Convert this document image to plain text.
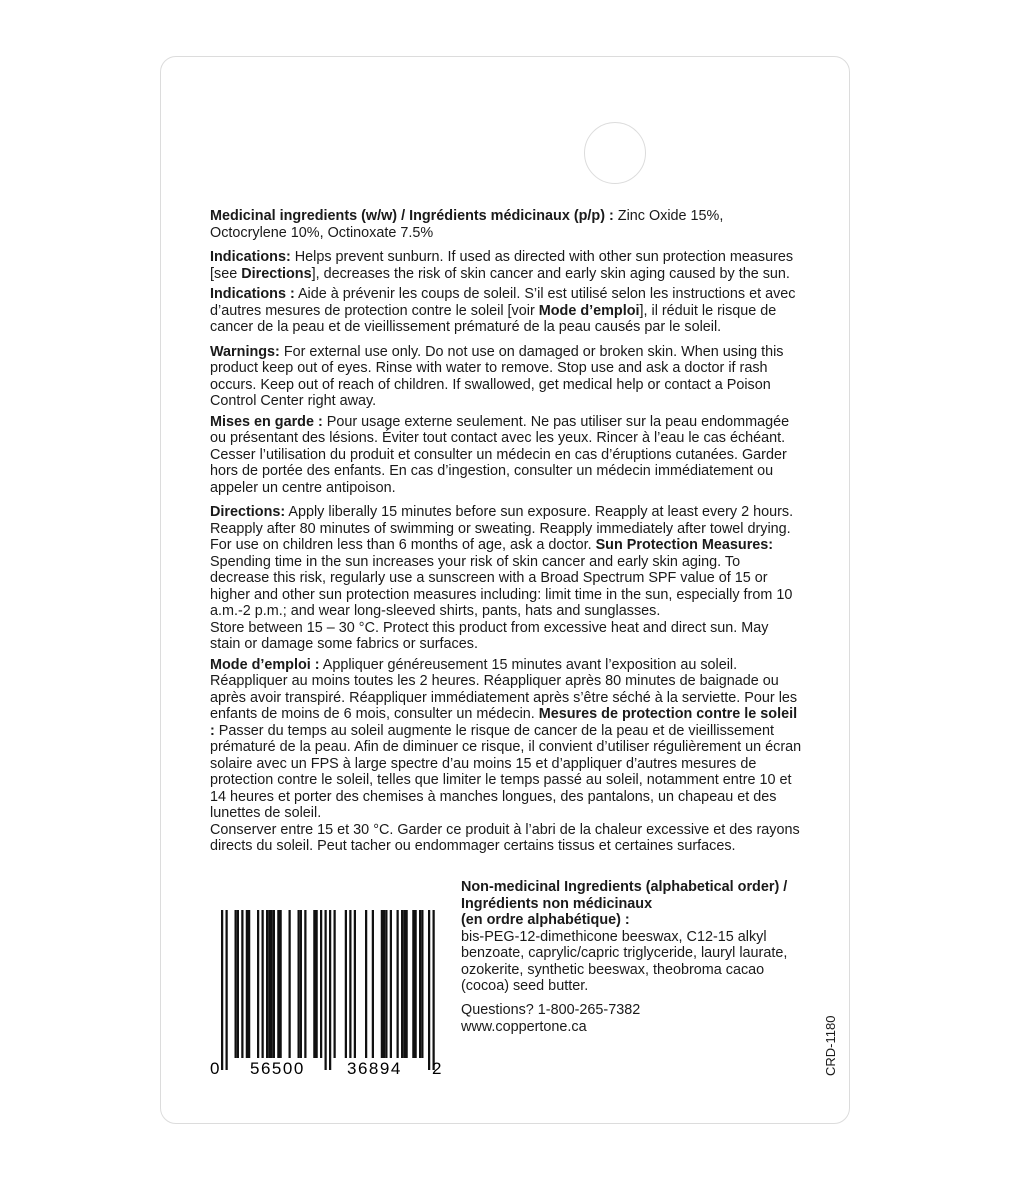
Medicinal ingredients (w/w) / Ingrédients médicinaux (p/p) : Zinc Oxide 15%, Octocrylene 10%, Octinoxate 7.5%

Indications: Helps prevent sunburn. If used as directed with other sun protection measures [see Directions], decreases the risk of skin cancer and early skin aging caused by the sun.

Indications : Aide à prévenir les coups de soleil. S’il est utilisé selon les instructions et avec d’autres mesures de protection contre le soleil [voir Mode d’emploi], il réduit le risque de cancer de la peau et de vieillissement prématuré de la peau causés par le soleil.

Warnings: For external use only. Do not use on damaged or broken skin. When using this product keep out of eyes. Rinse with water to remove. Stop use and ask a doctor if rash occurs. Keep out of reach of children. If swallowed, get medical help or contact a Poison Control Center right away.

Mises en garde : Pour usage externe seulement. Ne pas utiliser sur la peau endommagée ou présentant des lésions. Éviter tout contact avec les yeux. Rincer à l’eau le cas échéant. Cesser l’utilisation du produit et consulter un médecin en cas d’éruptions cutanées. Garder hors de portée des enfants. En cas d’ingestion, consulter un médecin immédiatement ou appeler un centre antipoison.

Directions: Apply liberally 15 minutes before sun exposure. Reapply at least every 2 hours. Reapply after 80 minutes of swimming or sweating. Reapply immediately after towel drying. For use on children less than 6 months of age, ask a doctor. Sun Protection Measures: Spending time in the sun increases your risk of skin cancer and early skin aging. To decrease this risk, regularly use a sunscreen with a Broad Spectrum SPF value of 15 or higher and other sun protection measures including: limit time in the sun, especially from 10 a.m.-2 p.m.; and wear long-sleeved shirts, pants, hats and sunglasses.
Store between 15 – 30 °C. Protect this product from excessive heat and direct sun. May stain or damage some fabrics or surfaces.

Mode d’emploi : Appliquer généreusement 15 minutes avant l’exposition au soleil. Réappliquer au moins toutes les 2 heures. Réappliquer après 80 minutes de baignade ou après avoir transpiré. Réappliquer immédiatement après s’être séché à la serviette. Pour les enfants de moins de 6 mois, consulter un médecin. Mesures de protection contre le soleil : Passer du temps au soleil augmente le risque de cancer de la peau et de vieillissement prématuré de la peau. Afin de diminuer ce risque, il convient d’utiliser régulièrement un écran solaire avec un FPS à large spectre d’au moins 15 et d’appliquer d’autres mesures de protection contre le soleil, telles que limiter le temps passé au soleil, notamment entre 10 et 14 heures et porter des chemises à manches longues, des pantalons, un chapeau et des lunettes de soleil.
Conserver entre 15 et 30 °C. Garder ce produit à l’abri de la chaleur excessive et des rayons directs du soleil. Peut tacher ou endommager certains tissus et certaines surfaces.

Non-medicinal Ingredients (alphabetical order) /
Ingrédients non médicinaux
(en ordre alphabétique) :
bis-PEG-12-dimethicone beeswax, C12-15 alkyl benzoate, caprylic/capric triglyceride, lauryl laurate, ozokerite, synthetic beeswax, theobroma cacao (cocoa) seed butter.
Questions? 1-800-265-7382
www.coppertone.ca
0 56500 36894 2	CRD-1180
